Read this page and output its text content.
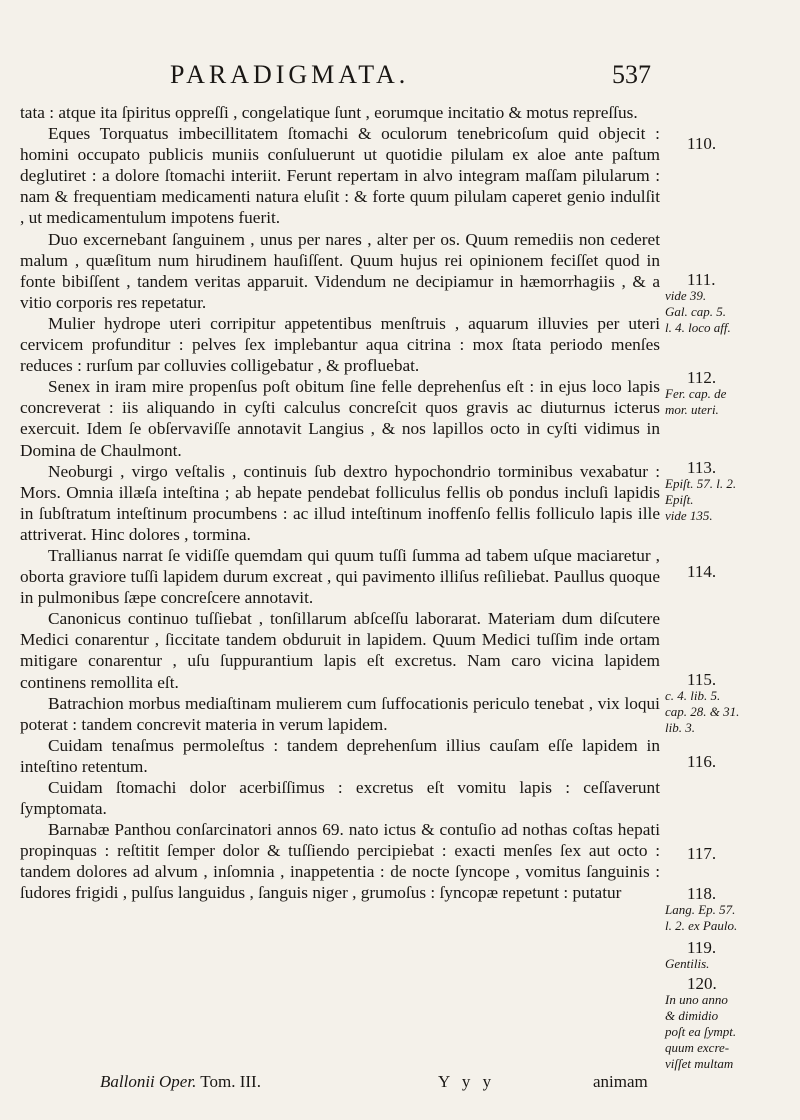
PARADIGMATA.	537

tata : atque ita ſpiritus oppreſſi , congelatique ſunt , eorumque incitatio & motus repreſſus.

Eques Torquatus imbecillitatem ſtomachi & oculorum tenebricoſum quid objecit : homini occupato publicis muniis conſuluerunt ut quotidie pilulam ex aloe ante paſtum deglutiret : a dolore ſtomachi interiit. Ferunt repertam in alvo integram maſſam pilularum : nam & frequentiam medicamenti natura eluſit : & forte quum pilulam caperet genio indulſit , ut medicamentulum impotens fuerit.

Duo excernebant ſanguinem , unus per nares , alter per os. Quum remediis non cederet malum , quæſitum num hirudinem hauſiſſent. Quum hujus rei opinionem feciſſet quod in fonte bibiſſent , tandem veritas apparuit. Videndum ne decipiamur in hæmorrhagiis , & a vitio corporis res repetatur.

Mulier hydrope uteri corripitur appetentibus menſtruis , aquarum illuvies per uteri cervicem profunditur : pelves ſex implebantur aqua citrina : mox ſtata periodo menſes reduces : rurſum par colluvies colligebatur , & profluebat.

Senex in iram mire propenſus poſt obitum ſine felle deprehenſus eſt : in ejus loco lapis concreverat : iis aliquando in cyſti calculus concreſcit quos gravis ac diuturnus icterus exercuit. Idem ſe obſervaviſſe annotavit Langius , & nos lapillos octo in cyſti vidimus in Domina de Chaulmont.

Neoburgi , virgo veſtalis , continuis ſub dextro hypochondrio torminibus vexabatur : Mors. Omnia illæſa inteſtina ; ab hepate pendebat folliculus fellis ob pondus incluſi lapidis in ſubſtratum inteſtinum procumbens : ac illud inteſtinum inoffenſo fellis folliculo lapis ille attriverat. Hinc dolores , tormina.

Trallianus narrat ſe vidiſſe quemdam qui quum tuſſi ſumma ad tabem uſque maciaretur , oborta graviore tuſſi lapidem durum excreat , qui pavimento illiſus reſiliebat. Paullus quoque in pulmonibus ſæpe concreſcere annotavit.

Canonicus continuo tuſſiebat , tonſillarum abſceſſu laborarat. Materiam dum diſcutere Medici conarentur , ſiccitate tandem obduruit in lapidem. Quum Medici tuſſim inde ortam mitigare conarentur , uſu ſuppurantium lapis eſt excretus. Nam caro vicina lapidem continens remollita eſt.

Batrachion morbus mediaſtinam mulierem cum ſuffocationis periculo tenebat , vix loqui poterat : tandem concrevit materia in verum lapidem.

Cuidam tenaſmus permoleſtus : tandem deprehenſum illius cauſam eſſe lapidem in inteſtino retentum.

Cuidam ſtomachi dolor acerbiſſimus : excretus eſt vomitu lapis : ceſſaverunt ſymptomata.

Barnabæ Panthou conſarcinatori annos 69. nato ictus & contuſio ad nothas coſtas hepati propinquas : reſtitit ſemper dolor & tuſſiendo percipiebat : exacti menſes ſex aut octo : tandem dolores ad alvum , inſomnia , inappetentia : de nocte ſyncope , vomitus ſanguinis : ſudores frigidi , pulſus languidus , ſanguis niger , grumoſus : ſyncopæ repetunt : putatur

110.
111.
vide 39.
Gal. cap. 5.
l. 4. loco aff.
112.
Fer. cap. de
mor. uteri.
113.
Epiſt. 57. l. 2.
Epiſt.
vide 135.
114.
115.
c. 4. lib. 5.
cap. 28. & 31.
lib. 3.
116.
117.
118.
Lang. Ep. 57.
l. 2. ex Paulo.
119.
Gentilis.
120.
In uno anno
& dimidio
poſt ea ſympt.
quum excre-
viſſet multam
Ballonii Oper. Tom. III.	Y y y	animam
